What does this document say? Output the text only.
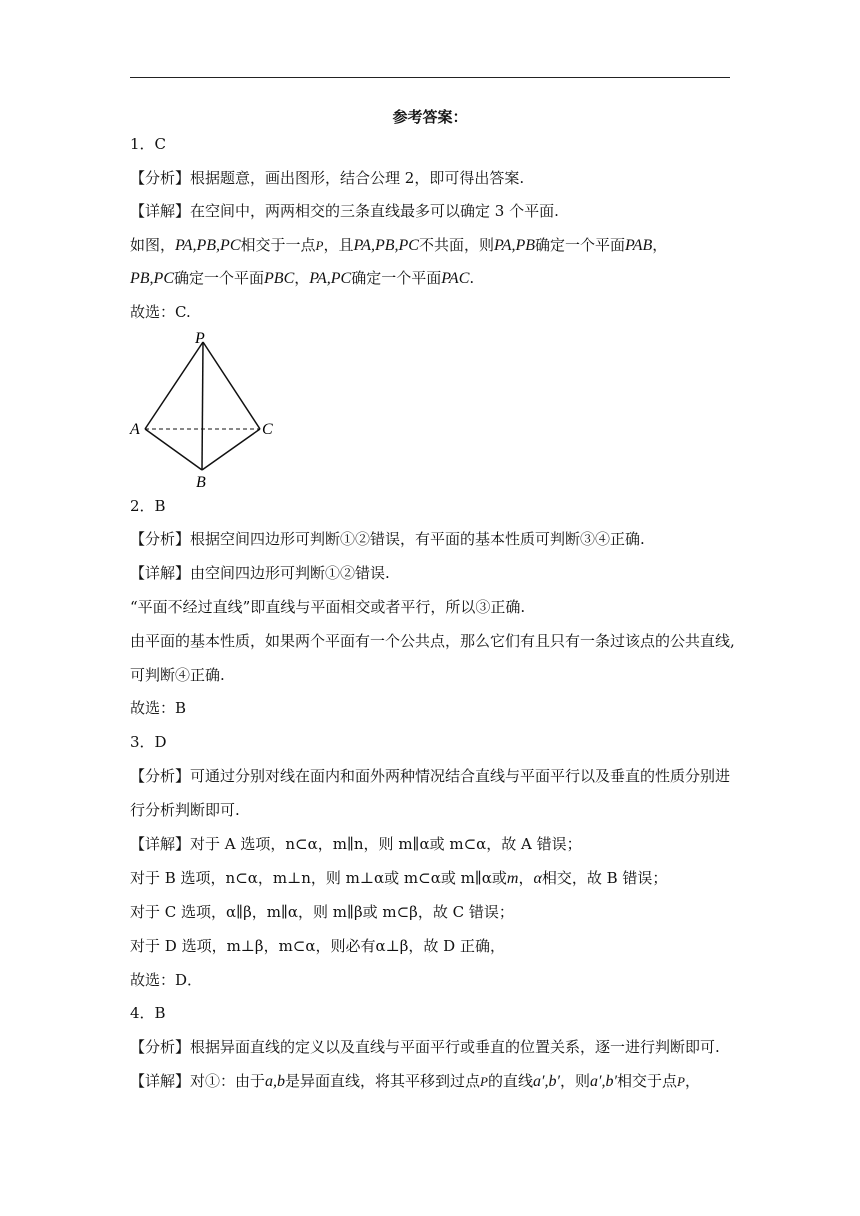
参考答案：
1．C
【分析】根据题意，画出图形，结合公理 2，即可得出答案.
【详解】在空间中，两两相交的三条直线最多可以确定 3 个平面.
如图，PA,PB,PC相交于一点P，且PA,PB,PC不共面，则PA,PB确定一个平面PAB，
PB,PC确定一个平面PBC，PA,PC确定一个平面PAC.
故选：C.
P
A
B
C
2．B
【分析】根据空间四边形可判断①②错误，有平面的基本性质可判断③④正确.
【详解】由空间四边形可判断①②错误.
“平面不经过直线”即直线与平面相交或者平行，所以③正确.
由平面的基本性质，如果两个平面有一个公共点，那么它们有且只有一条过该点的公共直线,
可判断④正确.
故选：B
3．D
【分析】可通过分别对线在面内和面外两种情况结合直线与平面平行以及垂直的性质分别进
行分析判断即可.
【详解】对于 A 选项，n⊂α，m∥n，则 m∥α或 m⊂α，故 A 错误；
对于 B 选项，n⊂α，m⊥n，则 m⊥α或 m⊂α或 m∥α或m，α相交，故 B 错误；
对于 C 选项，α∥β，m∥α，则 m∥β或 m⊂β，故 C 错误；
对于 D 选项，m⊥β，m⊂α，则必有α⊥β，故 D 正确，
故选：D．
4．B
【分析】根据异面直线的定义以及直线与平面平行或垂直的位置关系，逐一进行判断即可.
【详解】对①：由于a,b是异面直线，将其平移到过点P的直线a′,b′，则a′,b′相交于点P，
